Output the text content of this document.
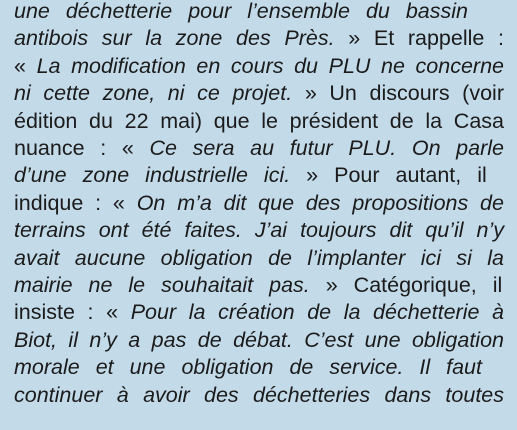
une déchetterie pour l’ensemble du bassin
antibois sur la zone des Près. » Et rappelle :
« La modification en cours du PLU ne concerne
ni cette zone, ni ce projet. » Un discours (voir
édition du 22 mai) que le président de la Casa
nuance : « Ce sera au futur PLU. On parle
d’une zone industrielle ici. » Pour autant, il
indique : « On m’a dit que des propositions de
terrains ont été faites. J’ai toujours dit qu’il n’y
avait aucune obligation de l’implanter ici si la
mairie ne le souhaitait pas. » Catégorique, il
insiste : « Pour la création de la déchetterie à
Biot, il n’y a pas de débat. C’est une obligation
morale et une obligation de service. Il faut
continuer à avoir des déchetteries dans toutes
